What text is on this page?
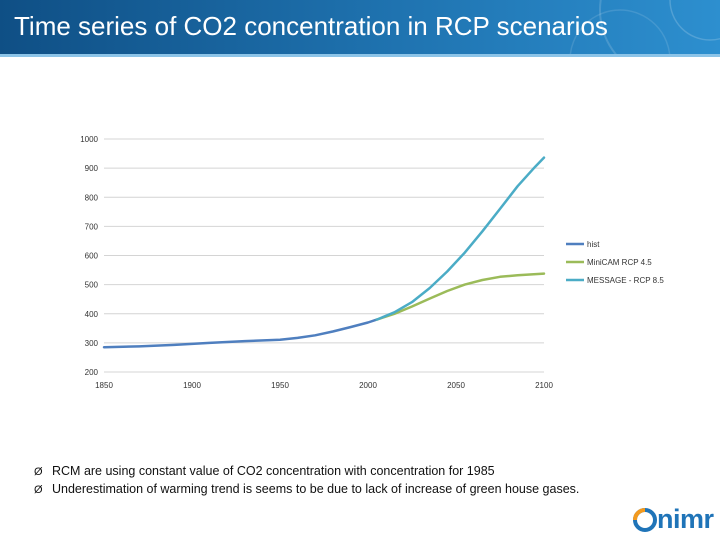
Time series of CO2 concentration in RCP scenarios
200
300
400
500
600
700
800
900
1000
1850	1900	1950	2000	2050	2100
hist
MiniCAM RCP 4.5
MESSAGE - RCP 8.5
Ø RCM are using constant value of CO2 concentration with concentration for 1985
Ø Underestimation of warming trend is seems to be due to lack of increase of green house gases.
nimr
